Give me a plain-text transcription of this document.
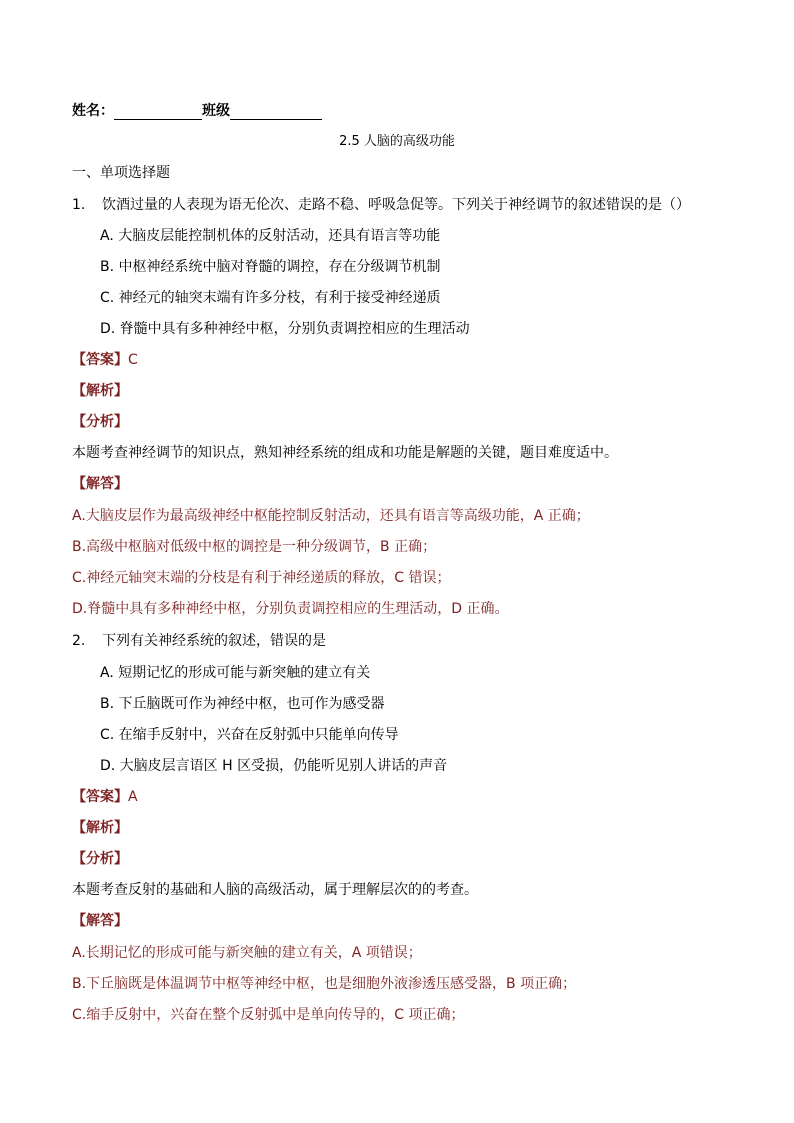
姓名：	班级
2.5 人脑的高级功能
一、单项选择题
1. 饮酒过量的人表现为语无伦次、走路不稳、呼吸急促等。下列关于神经调节的叙述错误的是（）
A. 大脑皮层能控制机体的反射活动，还具有语言等功能
B. 中枢神经系统中脑对脊髓的调控，存在分级调节机制
C. 神经元的轴突末端有许多分枝，有利于接受神经递质
D. 脊髓中具有多种神经中枢，分别负责调控相应的生理活动
【答案】C
【解析】
【分析】
本题考查神经调节的知识点，熟知神经系统的组成和功能是解题的关键，题目难度适中。
【解答】
A.大脑皮层作为最高级神经中枢能控制反射活动，还具有语言等高级功能，A 正确；
B.高级中枢脑对低级中枢的调控是一种分级调节，B 正确；
C.神经元轴突末端的分枝是有利于神经递质的释放，C 错误；
D.脊髓中具有多种神经中枢，分别负责调控相应的生理活动，D 正确。
2. 下列有关神经系统的叙述，错误的是
A. 短期记忆的形成可能与新突触的建立有关
B. 下丘脑既可作为神经中枢，也可作为感受器
C. 在缩手反射中，兴奋在反射弧中只能单向传导
D. 大脑皮层言语区 H 区受损，仍能听见别人讲话的声音
【答案】A
【解析】
【分析】
本题考查反射的基础和人脑的高级活动，属于理解层次的的考查。
【解答】
A.长期记忆的形成可能与新突触的建立有关，A 项错误；
B.下丘脑既是体温调节中枢等神经中枢，也是细胞外液渗透压感受器，B 项正确；
C.缩手反射中，兴奋在整个反射弧中是单向传导的，C 项正确；
